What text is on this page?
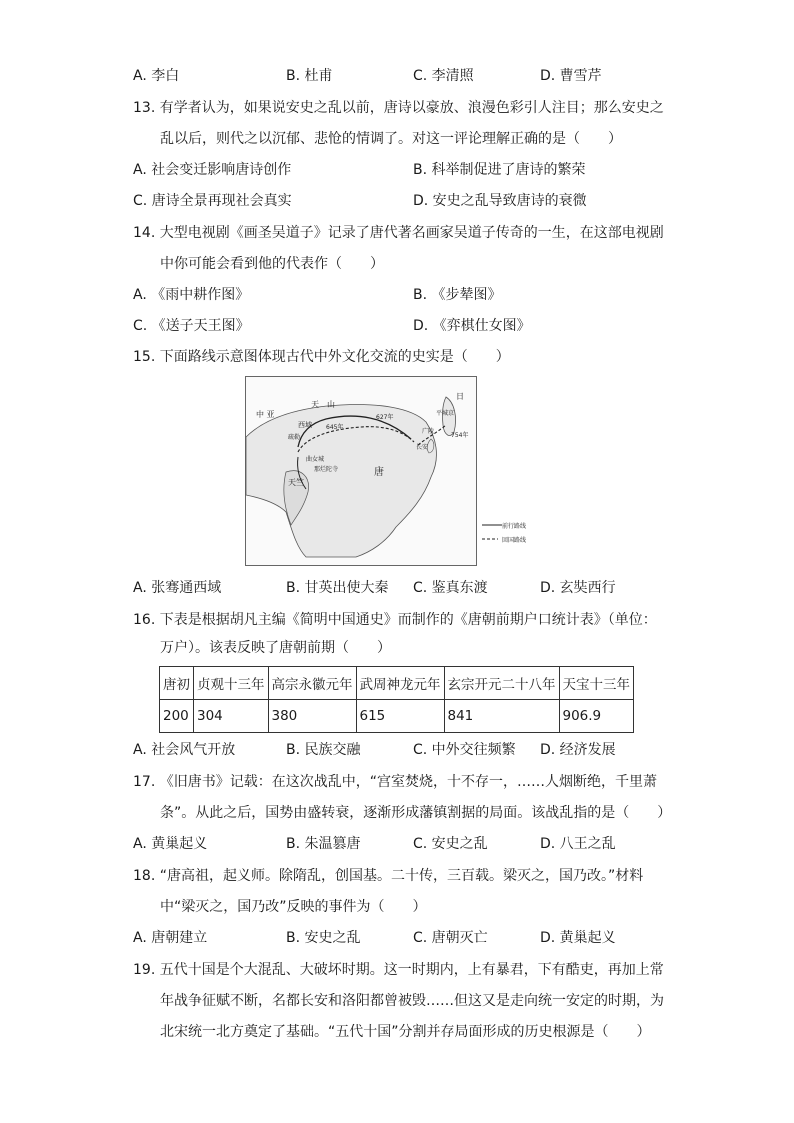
A. 李白	B. 杜甫	C. 李清照	D. 曹雪芹
13. 有学者认为，如果说安史之乱以前，唐诗以豪放、浪漫色彩引人注目；那么安史之
乱以后，则代之以沉郁、悲怆的情调了。对这一评论理解正确的是（　　）
A. 社会变迁影响唐诗创作	B. 科举制促进了唐诗的繁荣
C. 唐诗全景再现社会真实	D. 安史之乱导致唐诗的衰微
14. 大型电视剧《画圣吴道子》记录了唐代著名画家吴道子传奇的一生，在这部电视剧
中你可能会看到他的代表作（　　）
A. 《雨中耕作图》	B. 《步辇图》
C. 《送子天王图》	D. 《弈棋仕女图》
15. 下面路线示意图体现古代中外文化交流的史实是（　　）
天　山
中 亚
西域
疏勒
645年
627年
广陵
长安
唐
曲女城
那烂陀寺
天竺
日
平城京
754年
前行路线
回国路线
A. 张骞通西域	B. 甘英出使大秦 C. 鉴真东渡	D. 玄奘西行
16. 下表是根据胡凡主编《简明中国通史》而制作的《唐朝前期户口统计表》（单位：
万户）。该表反映了唐朝前期（　　）
唐初	贞观十三年	高宗永徽元年	武周神龙元年	玄宗开元二十八年	天宝十三年
200	304	380	615	841	906.9
A. 社会风气开放	B. 民族交融	C. 中外交往频繁 D. 经济发展
17. 《旧唐书》记载：在这次战乱中，“宫室焚烧，十不存一，……人烟断绝，千里萧
条”。从此之后，国势由盛转衰，逐渐形成藩镇割据的局面。该战乱指的是（　　）
A. 黄巢起义	B. 朱温篡唐	C. 安史之乱	D. 八王之乱
18. “唐高祖，起义师。除隋乱，创国基。二十传，三百载。梁灭之，国乃改。”材料
中“梁灭之，国乃改”反映的事件为（　　）
A. 唐朝建立	B. 安史之乱	C. 唐朝灭亡	D. 黄巢起义
19. 五代十国是个大混乱、大破坏时期。这一时期内，上有暴君，下有酷吏，再加上常
年战争征赋不断，名都长安和洛阳都曾被毁……但这又是走向统一安定的时期，为
北宋统一北方奠定了基础。“五代十国”分割并存局面形成的历史根源是（　　）
